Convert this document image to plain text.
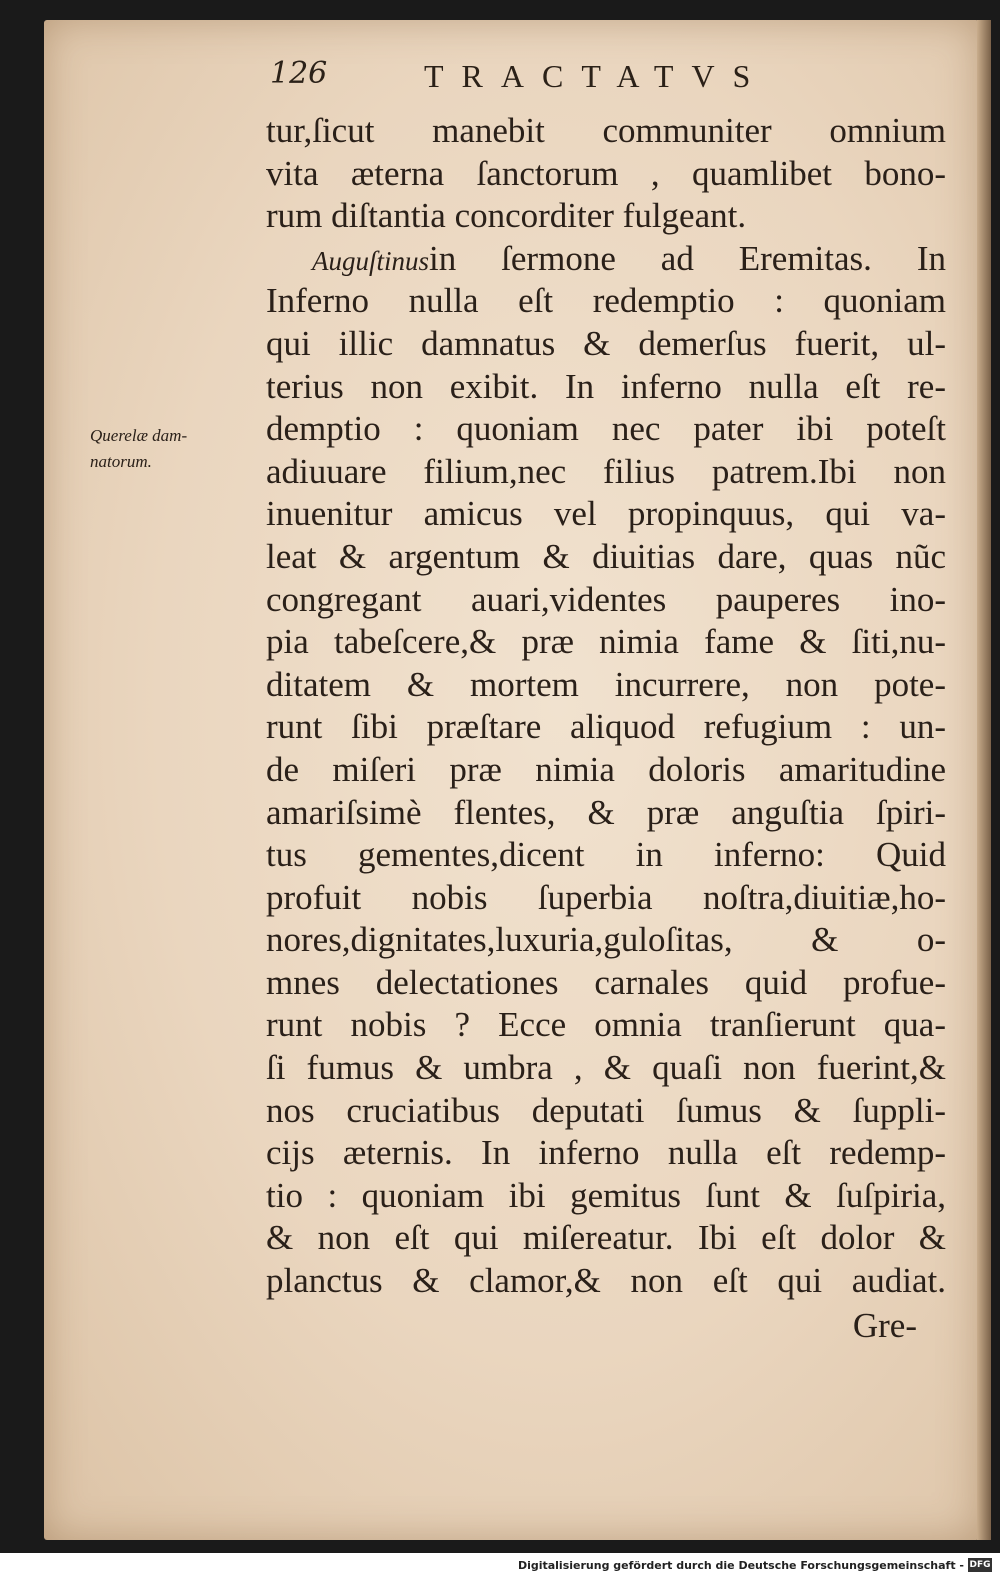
126	TRACTATVS
Querelæ dam-
natorum.
tur,ſicut manebit communiter omnium
vita æterna ſanctorum , quamlibet bono-
rum diſtantia concorditer fulgeant.
Auguſtinusin ſermone ad Eremitas. In
Inferno nulla eſt redemptio : quoniam
qui illic damnatus & demerſus fuerit, ul-
terius non exibit. In inferno nulla eſt re-
demptio : quoniam nec pater ibi poteſt
adiuuare filium,nec filius patrem.Ibi non
inuenitur amicus vel propinquus, qui va-
leat & argentum & diuitias dare, quas nũc
congregant auari,videntes pauperes ino-
pia tabeſcere,& præ nimia fame & ſiti,nu-
ditatem & mortem incurrere, non pote-
runt ſibi præſtare aliquod refugium : un-
de miſeri præ nimia doloris amaritudine
amariſsimè flentes, & præ anguſtia ſpiri-
tus gementes,dicent in inferno: Quid
profuit nobis ſuperbia noſtra,diuitiæ,ho-
nores,dignitates,luxuria,guloſitas, & o-
mnes delectationes carnales quid profue-
runt nobis ? Ecce omnia tranſierunt qua-
ſi fumus & umbra , & quaſi non fuerint,&
nos cruciatibus deputati ſumus & ſuppli-
cijs æternis. In inferno nulla eſt redemp-
tio : quoniam ibi gemitus ſunt & ſuſpiria,
& non eſt qui miſereatur. Ibi eſt dolor &
planctus & clamor,& non eſt qui audiat.
Gre-
Digitalisierung gefördert durch die Deutsche Forschungsgemeinschaft - DFG
